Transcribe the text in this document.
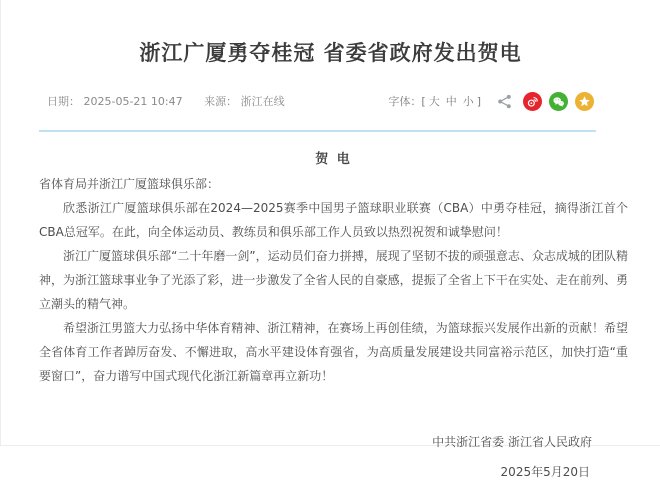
浙江广厦勇夺桂冠 省委省政府发出贺电
日期： 2025-05-21 10:47 来源： 浙江在线	字体：[ 大 中 小 ]
贺 电

省体育局并浙江广厦篮球俱乐部：

欣悉浙江广厦篮球俱乐部在2024—2025赛季中国男子篮球职业联赛（CBA）中勇夺桂冠，摘得浙江首个CBA总冠军。在此，向全体运动员、教练员和俱乐部工作人员致以热烈祝贺和诚挚慰问！

浙江广厦篮球俱乐部“二十年磨一剑”，运动员们奋力拼搏，展现了坚韧不拔的顽强意志、众志成城的团队精神，为浙江篮球事业争了光添了彩，进一步激发了全省人民的自豪感，提振了全省上下干在实处、走在前列、勇立潮头的精气神。

希望浙江男篮大力弘扬中华体育精神、浙江精神，在赛场上再创佳绩，为篮球振兴发展作出新的贡献！希望全省体育工作者踔厉奋发、不懈进取，高水平建设体育强省，为高质量发展建设共同富裕示范区，加快打造“重要窗口”，奋力谱写中国式现代化浙江新篇章再立新功！

中共浙江省委 浙江省人民政府

2025年5月20日
